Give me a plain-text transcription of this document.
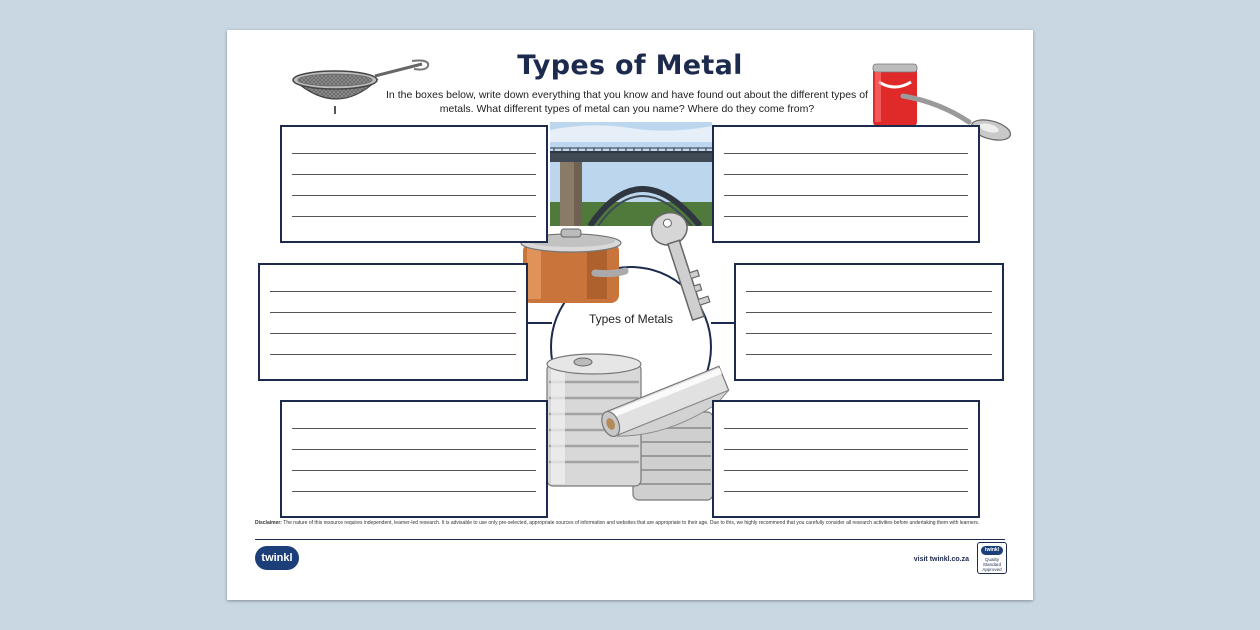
Types of Metal
In the boxes below, write down everything that you know and have found out about the different types of metals. What different types of metal can you name? Where do they come from?
Types of Metals
Disclaimer: The nature of this resource requires independent, learner-led research. It is advisable to use only pre-selected, appropriate sources of information and websites that are appropriate to their age. Due to this, we highly recommend that you carefully consider all research activities before undertaking them with learners.
twinkl	visit twinkl.co.za
twinkl
Quality Standard Approved
